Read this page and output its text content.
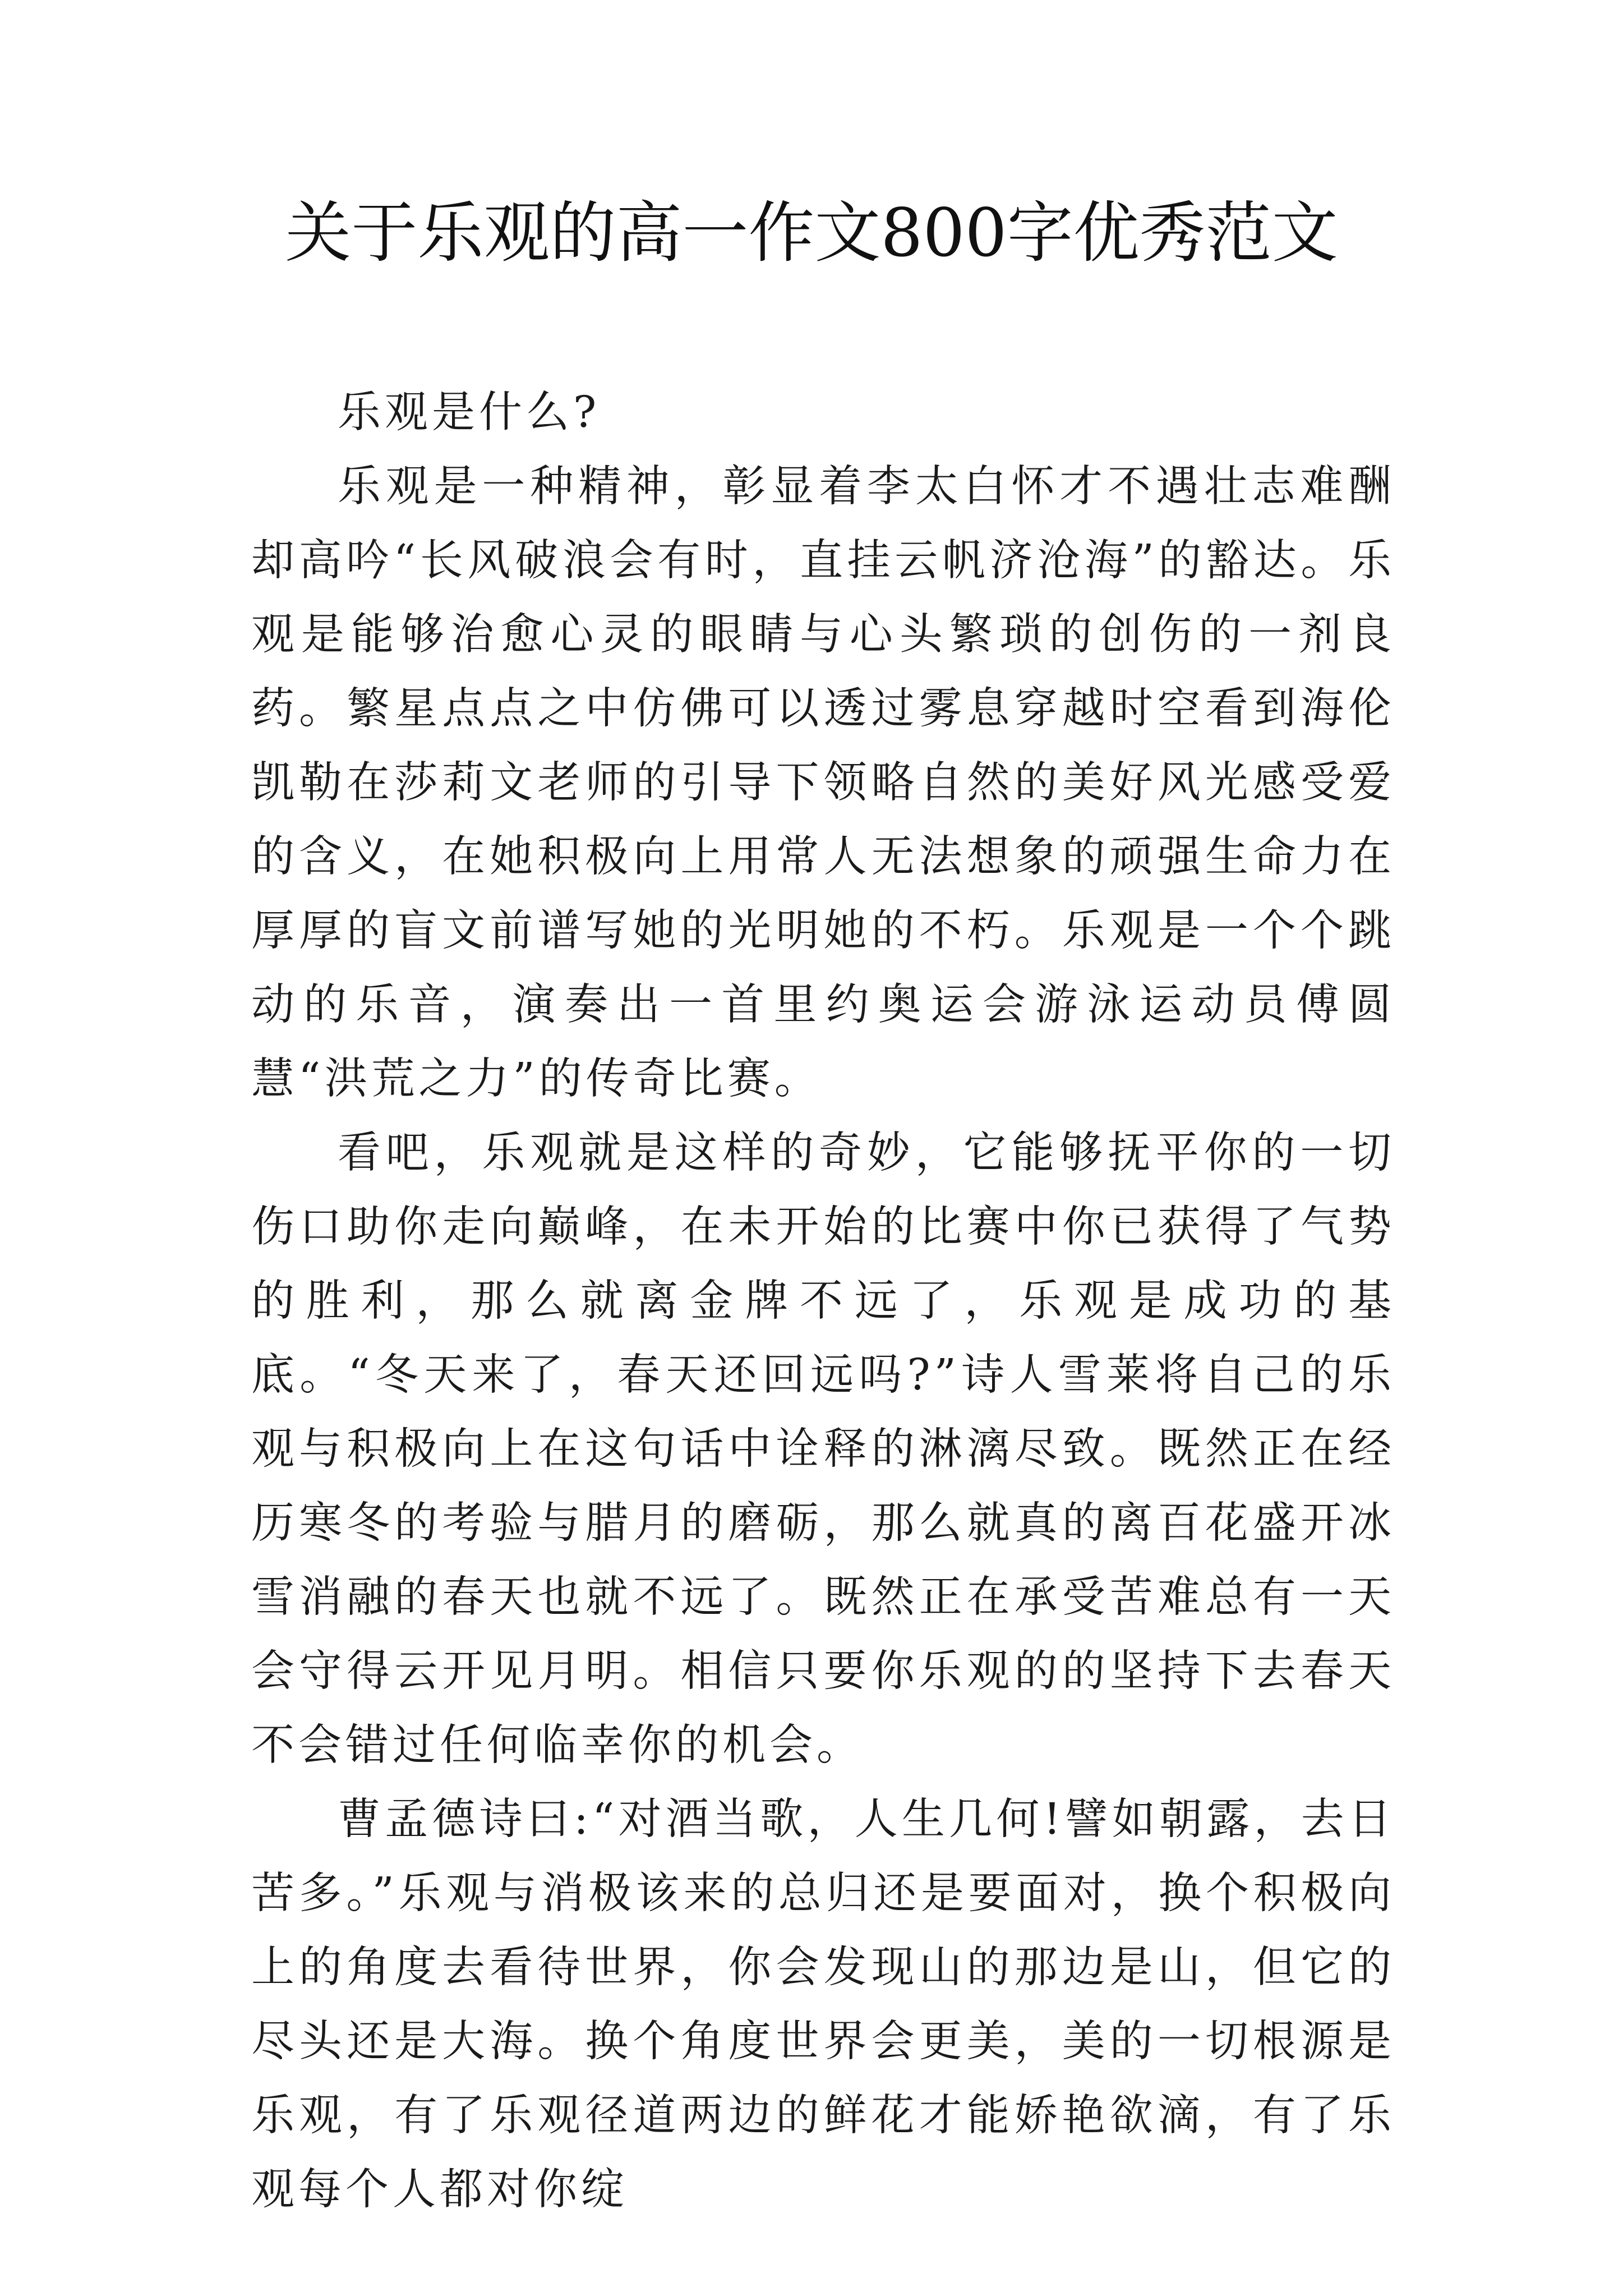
关于乐观的高一作文800字优秀范文

乐观是什么?

乐观是一种精神，彰显着李太白怀才不遇壮志难酬却高吟“长风破浪会有时，直挂云帆济沧海”的豁达。乐观是能够治愈心灵的眼睛与心头繁琐的创伤的一剂良药。繁星点点之中仿佛可以透过雾息穿越时空看到海伦凯勒在莎莉文老师的引导下领略自然的美好风光感受爱的含义，在她积极向上用常人无法想象的顽强生命力在厚厚的盲文前谱写她的光明她的不朽。乐观是一个个跳动的乐音，演奏出一首里约奥运会游泳运动员傅圆慧“洪荒之力”的传奇比赛。

看吧，乐观就是这样的奇妙，它能够抚平你的一切伤口助你走向巅峰，在未开始的比赛中你已获得了气势的胜利，那么就离金牌不远了，乐观是成功的基底。“冬天来了，春天还回远吗?”诗人雪莱将自己的乐观与积极向上在这句话中诠释的淋漓尽致。既然正在经历寒冬的考验与腊月的磨砺，那么就真的离百花盛开冰雪消融的春天也就不远了。既然正在承受苦难总有一天会守得云开见月明。相信只要你乐观的的坚持下去春天不会错过任何临幸你的机会。

曹孟德诗曰:“对酒当歌，人生几何!譬如朝露，去日苦多。”乐观与消极该来的总归还是要面对，换个积极向上的角度去看待世界，你会发现山的那边是山，但它的尽头还是大海。换个角度世界会更美，美的一切根源是乐观，有了乐观径道两边的鲜花才能娇艳欲滴，有了乐观每个人都对你绽
